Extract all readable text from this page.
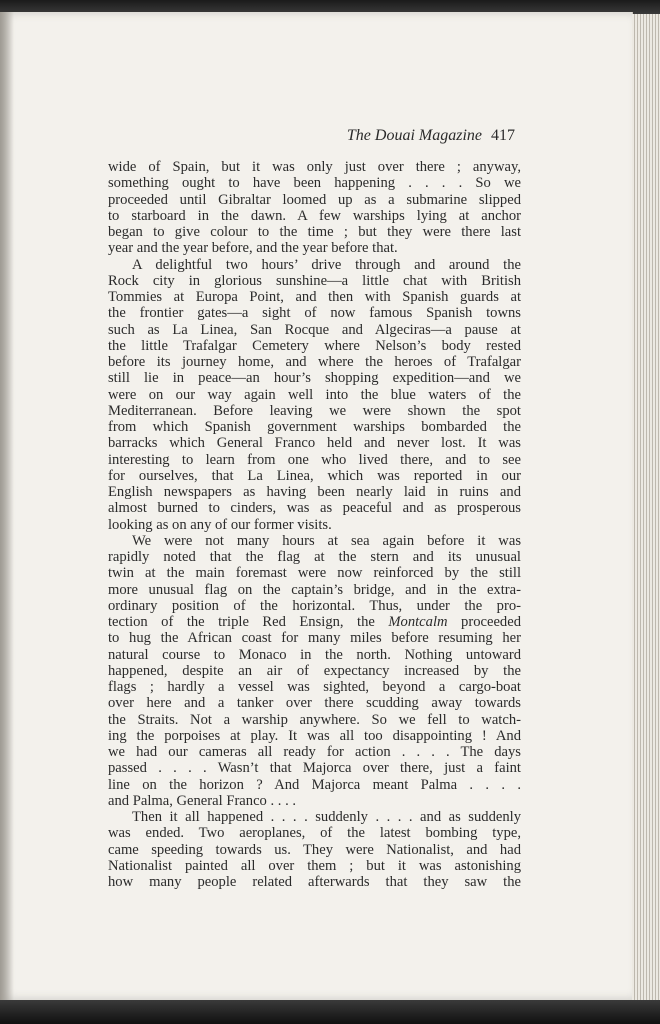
The Douai Magazine 417
wide of Spain, but it was only just over there ; anyway,
something ought to have been happening . . . . So we
proceeded until Gibraltar loomed up as a submarine slipped
to starboard in the dawn. A few warships lying at anchor
began to give colour to the time ; but they were there last
year and the year before, and the year before that.
A delightful two hours’ drive through and around the
Rock city in glorious sunshine—a little chat with British
Tommies at Europa Point, and then with Spanish guards at
the frontier gates—a sight of now famous Spanish towns
such as La Linea, San Rocque and Algeciras—a pause at
the little Trafalgar Cemetery where Nelson’s body rested
before its journey home, and where the heroes of Trafalgar
still lie in peace—an hour’s shopping expedition—and we
were on our way again well into the blue waters of the
Mediterranean. Before leaving we were shown the spot
from which Spanish government warships bombarded the
barracks which General Franco held and never lost. It was
interesting to learn from one who lived there, and to see
for ourselves, that La Linea, which was reported in our
English newspapers as having been nearly laid in ruins and
almost burned to cinders, was as peaceful and as prosperous
looking as on any of our former visits.
We were not many hours at sea again before it was
rapidly noted that the flag at the stern and its unusual
twin at the main foremast were now reinforced by the still
more unusual flag on the captain’s bridge, and in the extra-
ordinary position of the horizontal. Thus, under the pro-
tection of the triple Red Ensign, the Montcalm proceeded
to hug the African coast for many miles before resuming her
natural course to Monaco in the north. Nothing untoward
happened, despite an air of expectancy increased by the
flags ; hardly a vessel was sighted, beyond a cargo-boat
over here and a tanker over there scudding away towards
the Straits. Not a warship anywhere. So we fell to watch-
ing the porpoises at play. It was all too disappointing ! And
we had our cameras all ready for action . . . . The days
passed . . . . Wasn’t that Majorca over there, just a faint
line on the horizon ? And Majorca meant Palma . . . .
and Palma, General Franco . . . .
Then it all happened . . . . suddenly . . . . and as suddenly
was ended. Two aeroplanes, of the latest bombing type,
came speeding towards us. They were Nationalist, and had
Nationalist painted all over them ; but it was astonishing
how many people related afterwards that they saw the
